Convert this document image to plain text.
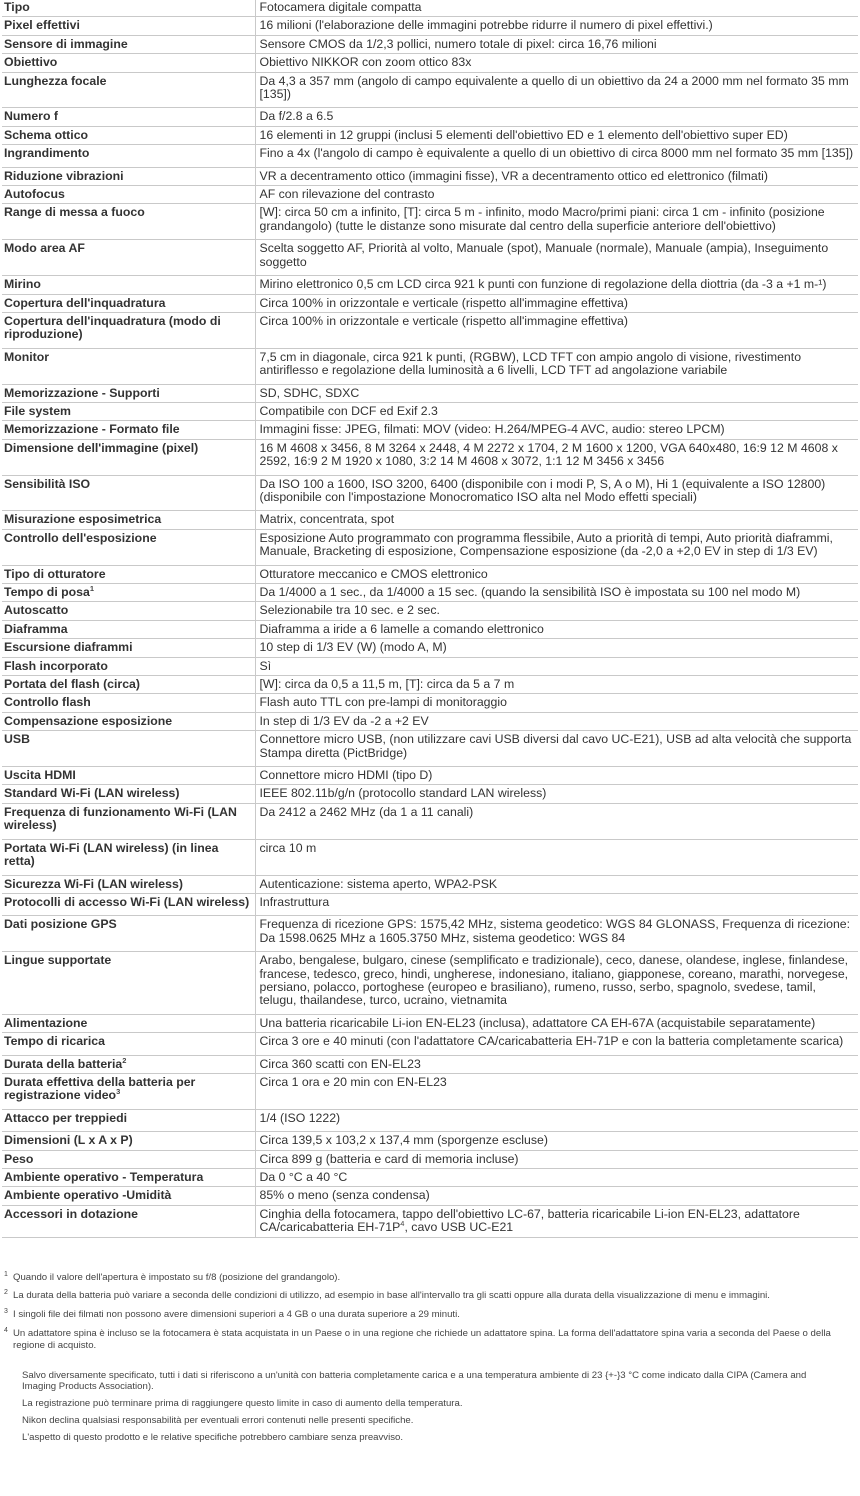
Tipo	Fotocamera digitale compatta
Pixel effettivi	16 milioni (l'elaborazione delle immagini potrebbe ridurre il numero di pixel effettivi.)
Sensore di immagine	Sensore CMOS da 1/2,3 pollici, numero totale di pixel: circa 16,76 milioni
Obiettivo	Obiettivo NIKKOR con zoom ottico 83x
Lunghezza focale	Da 4,3 a 357 mm (angolo di campo equivalente a quello di un obiettivo da 24 a 2000 mm nel formato 35 mm [135])
Numero f	Da f/2.8 a 6.5
Schema ottico	16 elementi in 12 gruppi (inclusi 5 elementi dell'obiettivo ED e 1 elemento dell'obiettivo super ED)
Ingrandimento	Fino a 4x (l'angolo di campo è equivalente a quello di un obiettivo di circa 8000 mm nel formato 35 mm [135])
Riduzione vibrazioni	VR a decentramento ottico (immagini fisse), VR a decentramento ottico ed elettronico (filmati)
Autofocus	AF con rilevazione del contrasto
Range di messa a fuoco	[W]: circa 50 cm a infinito, [T]: circa 5 m - infinito, modo Macro/primi piani: circa 1 cm - infinito (posizione grandangolo) (tutte le distanze sono misurate dal centro della superficie anteriore dell'obiettivo)
Modo area AF	Scelta soggetto AF, Priorità al volto, Manuale (spot), Manuale (normale), Manuale (ampia), Inseguimento soggetto
Mirino	Mirino elettronico 0,5 cm LCD circa 921 k punti con funzione di regolazione della diottria (da -3 a +1 m-¹)
Copertura dell'inquadratura	Circa 100% in orizzontale e verticale (rispetto all'immagine effettiva)
Copertura dell'inquadratura (modo di riproduzione)	Circa 100% in orizzontale e verticale (rispetto all'immagine effettiva)
Monitor	7,5 cm in diagonale, circa 921 k punti, (RGBW), LCD TFT con ampio angolo di visione, rivestimento antiriflesso e regolazione della luminosità a 6 livelli, LCD TFT ad angolazione variabile
Memorizzazione - Supporti	SD, SDHC, SDXC
File system	Compatibile con DCF ed Exif 2.3
Memorizzazione - Formato file	Immagini fisse: JPEG, filmati: MOV (video: H.264/MPEG-4 AVC, audio: stereo LPCM)
Dimensione dell'immagine (pixel)	16 M 4608 x 3456, 8 M 3264 x 2448, 4 M 2272 x 1704, 2 M 1600 x 1200, VGA 640x480, 16:9 12 M 4608 x 2592, 16:9 2 M 1920 x 1080, 3:2 14 M 4608 x 3072, 1:1 12 M 3456 x 3456
Sensibilità ISO	Da ISO 100 a 1600, ISO 3200, 6400 (disponibile con i modi P, S, A o M), Hi 1 (equivalente a ISO 12800) (disponibile con l'impostazione Monocromatico ISO alta nel Modo effetti speciali)
Misurazione esposimetrica	Matrix, concentrata, spot
Controllo dell'esposizione	Esposizione Auto programmato con programma flessibile, Auto a priorità di tempi, Auto priorità diaframmi, Manuale, Bracketing di esposizione, Compensazione esposizione (da -2,0 a +2,0 EV in step di 1/3 EV)
Tipo di otturatore	Otturatore meccanico e CMOS elettronico
Tempo di posa$^1$	Da 1/4000 a 1 sec., da 1/4000 a 15 sec. (quando la sensibilità ISO è impostata su 100 nel modo M)
Autoscatto	Selezionabile tra 10 sec. e 2 sec.
Diaframma	Diaframma a iride a 6 lamelle a comando elettronico
Escursione diaframmi	10 step di 1/3 EV (W) (modo A, M)
Flash incorporato	Sì
Portata del flash (circa)	[W]: circa da 0,5 a 11,5 m, [T]: circa da 5 a 7 m
Controllo flash	Flash auto TTL con pre-lampi di monitoraggio
Compensazione esposizione	In step di 1/3 EV da -2 a +2 EV
USB	Connettore micro USB, (non utilizzare cavi USB diversi dal cavo UC-E21), USB ad alta velocità che supporta Stampa diretta (PictBridge)
Uscita HDMI	Connettore micro HDMI (tipo D)
Standard Wi-Fi (LAN wireless)	IEEE 802.11b/g/n (protocollo standard LAN wireless)
Frequenza di funzionamento Wi-Fi (LAN wireless)	Da 2412 a 2462 MHz (da 1 a 11 canali)
Portata Wi-Fi (LAN wireless) (in linea retta)	circa 10 m
Sicurezza Wi-Fi (LAN wireless)	Autenticazione: sistema aperto, WPA2-PSK
Protocolli di accesso Wi-Fi (LAN wireless)	Infrastruttura
Dati posizione GPS	Frequenza di ricezione GPS: 1575,42 MHz, sistema geodetico: WGS 84 GLONASS, Frequenza di ricezione: Da 1598.0625 MHz a 1605.3750 MHz, sistema geodetico: WGS 84
Lingue supportate	Arabo, bengalese, bulgaro, cinese (semplificato e tradizionale), ceco, danese, olandese, inglese, finlandese, francese, tedesco, greco, hindi, ungherese, indonesiano, italiano, giapponese, coreano, marathi, norvegese, persiano, polacco, portoghese (europeo e brasiliano), rumeno, russo, serbo, spagnolo, svedese, tamil, telugu, thailandese, turco, ucraino, vietnamita
Alimentazione	Una batteria ricaricabile Li-ion EN-EL23 (inclusa), adattatore CA EH-67A (acquistabile separatamente)
Tempo di ricarica	Circa 3 ore e 40 minuti (con l'adattatore CA/caricabatteria EH-71P e con la batteria completamente scarica)
Durata della batteria$^2$	Circa 360 scatti con EN-EL23
Durata effettiva della batteria per registrazione video$^3$	Circa 1 ora e 20 min con EN-EL23
Attacco per treppiedi	1/4 (ISO 1222)
Dimensioni (L x A x P)	Circa 139,5 x 103,2 x 137,4 mm (sporgenze escluse)
Peso	Circa 899 g (batteria e card di memoria incluse)
Ambiente operativo - Temperatura	Da 0 °C a 40 °C
Ambiente operativo -Umidità	85% o meno (senza condensa)
Accessori in dotazione	Cinghia della fotocamera, tappo dell'obiettivo LC-67, batteria ricaricabile Li-ion EN-EL23, adattatore CA/caricabatteria $EH-71P^4$, cavo USB UC-E21
1 Quando il valore dell'apertura è impostato su f/8 (posizione del grandangolo).
2 La durata della batteria può variare a seconda delle condizioni di utilizzo, ad esempio in base all'intervallo tra gli scatti oppure alla durata della visualizzazione di menu e immagini.
3 I singoli file dei filmati non possono avere dimensioni superiori a 4 GB o una durata superiore a 29 minuti.
4 Un adattatore spina è incluso se la fotocamera è stata acquistata in un Paese o in una regione che richiede un adattatore spina. La forma dell'adattatore spina varia a seconda del Paese o della regione di acquisto.

Salvo diversamente specificato, tutti i dati si riferiscono a un'unità con batteria completamente carica e a una temperatura ambiente di 23 {+-}3 °C come indicato dalla CIPA (Camera and Imaging Products Association).

La registrazione può terminare prima di raggiungere questo limite in caso di aumento della temperatura.

Nikon declina qualsiasi responsabilità per eventuali errori contenuti nelle presenti specifiche.

L'aspetto di questo prodotto e le relative specifiche potrebbero cambiare senza preavviso.
